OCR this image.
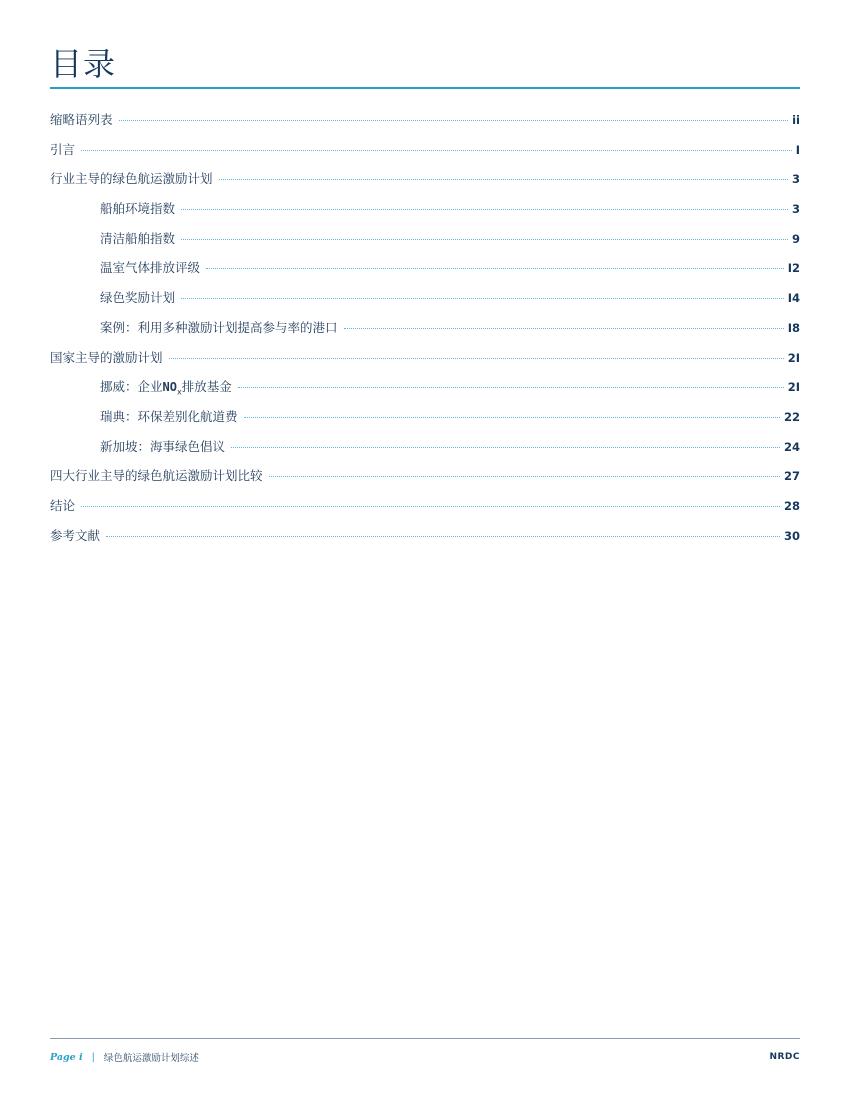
目录
缩略语列表	ii
引言	I
行业主导的绿色航运激励计划	3
船舶环境指数	3
清洁船舶指数	9
温室气体排放评级	I2
绿色奖励计划	I4
案例：利用多种激励计划提高参与率的港口	I8
国家主导的激励计划	2I
挪威：企业$NO_x$排放基金	2I
瑞典：环保差别化航道费	22
新加坡：海事绿色倡议	24
四大行业主导的绿色航运激励计划比较	27
结论	28
参考文献	30
Page i | 绿色航运激励计划综述	NRDC
